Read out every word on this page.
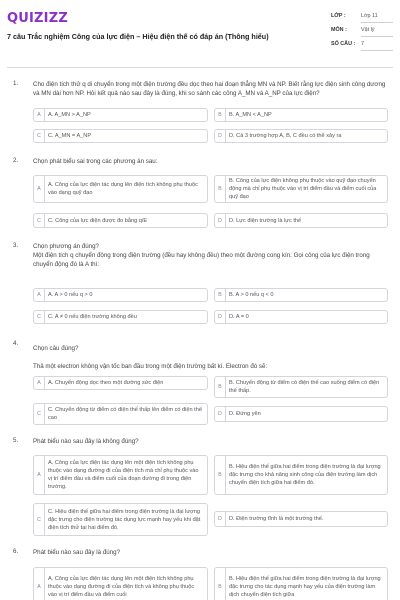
QUIZIZZ
7 câu Trắc nghiệm Công của lực điện – Hiệu điện thế có đáp án (Thông hiểu)
LỚP :	Lớp 11
MÔN :	Vật lý
SỐ CÂU :	7
1. Cho điện tích thử q di chuyển trong một điện trường đều dọc theo hai đoạn thẳng MN và NP. Biết rằng lực điện sinh công dương và MN dài hơn NP. Hỏi kết quả nào sau đây là đúng, khi so sánh các công A_MN và A_NP của lực điện?
A	A. A_MN > A_NP	B	B. A_MN < A_NP
C	C. A_MN = A_NP	D	D. Cả 3 trường hợp A, B, C đều có thể xảy ra
2. Chọn phát biểu sai trong các phương án sau:
A
A. Công của lực điện tác dụng lên điện tích không phụ thuộc vào dạng quỹ đạo
B
B. Công của lực điện không phụ thuộc vào quỹ đạo chuyển động mà chỉ phụ thuộc vào vị trí điểm đầu và điểm cuối của quỹ đạo
C	C. Công của lực điện được đo bằng q/E	D	D. Lực điện trường là lực thế
3. Chọn phương án đúng?
Một điện tích q chuyển động trong điện trường (đều hay không đều) theo một đường cong kín. Gọi công của lực điện trong chuyển động đó là A thì:
A	A. A > 0 nếu q > 0	B	B. A > 0 nếu q < 0
C	C. A ≠ 0 nếu điện trường không đều	D	D. A = 0
4.
Chọn câu đúng?
Thả một electron không vận tốc ban đầu trong một điện trường bất kì. Electron đó sẽ:
A	A. Chuyển động dọc theo một đường sức điện
B
B. Chuyển động từ điểm có điện thế cao xuống điểm có điện thế thấp.
C
C. Chuyển động từ điểm có điện thế thấp lên điểm có điện thế cao
D	D. Đứng yên
5. Phát biểu nào sau đây là không đúng?
A
A. Công của lực điện tác dụng lên một điện tích không phụ thuộc vào dạng đường đi của điện tích mà chỉ phụ thuộc vào vị trí điểm đầu và điểm cuối của đoạn đường đi trong điện trường.
B
B. Hiệu điện thế giữa hai điểm trong điện trường là đại lượng đặc trưng cho khả năng sinh công của điện trường làm dịch chuyển điện tích giữa hai điểm đó.
C
C. Hiệu điện thế giữa hai điểm trong điện trường là đại lượng đặc trưng cho điện trường tác dụng lực mạnh hay yếu khi đặt điện tích thử tại hai điểm đó.
D	D. Điện trường tĩnh là một trường thế.
6. Phát biểu nào sau đây là đúng?
A
A. Công của lực điện tác dụng lên một điện tích không phụ thuộc vào dạng đường đi của điện tích và không phụ thuộc vào vị trí điểm đầu và điểm cuối
B
B. Hiệu điện thế giữa hai điểm trong điện trường là đại lượng đặc trưng cho tác dụng mạnh hay yếu của điện trường làm dịch chuyển điện tích giữa
